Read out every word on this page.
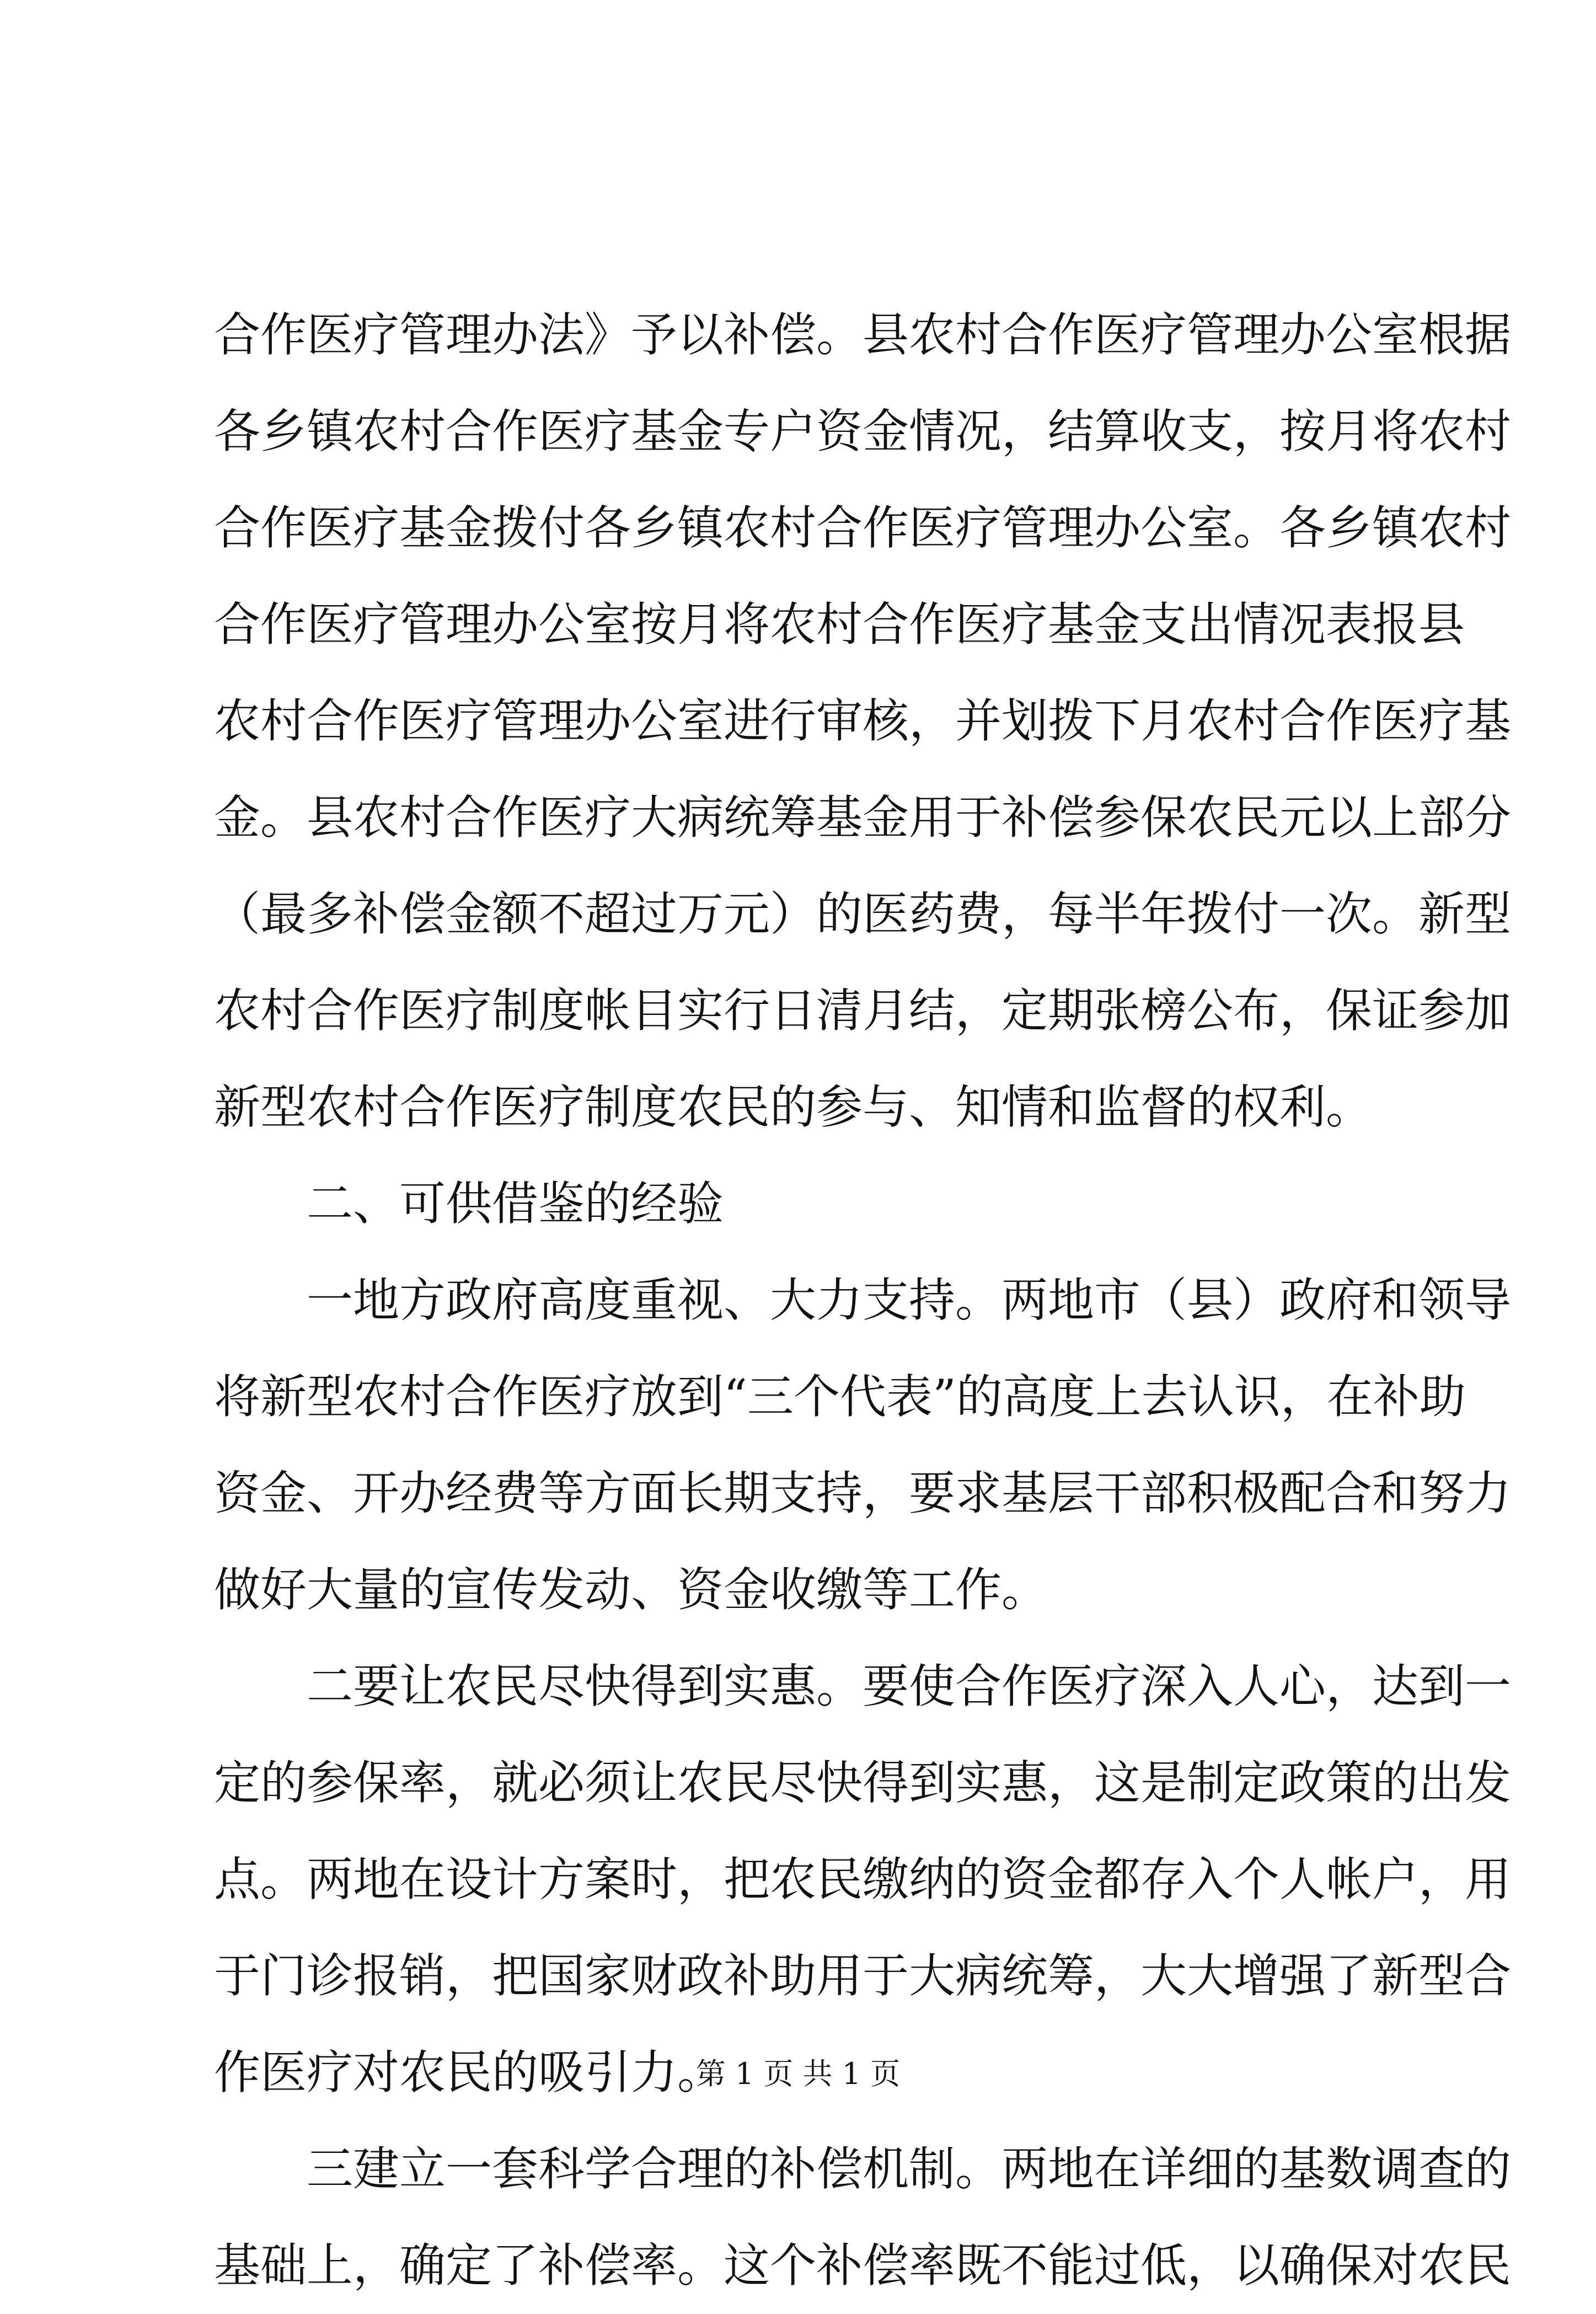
合作医疗管理办法》予以补偿。县农村合作医疗管理办公室根据
各乡镇农村合作医疗基金专户资金情况，结算收支，按月将农村
合作医疗基金拨付各乡镇农村合作医疗管理办公室。各乡镇农村
合作医疗管理办公室按月将农村合作医疗基金支出情况表报县
农村合作医疗管理办公室进行审核，并划拨下月农村合作医疗基
金。县农村合作医疗大病统筹基金用于补偿参保农民元以上部分
（最多补偿金额不超过万元）的医药费，每半年拨付一次。新型
农村合作医疗制度帐目实行日清月结，定期张榜公布，保证参加
新型农村合作医疗制度农民的参与、知情和监督的权利。
二、可供借鉴的经验
一地方政府高度重视、大力支持。两地市（县）政府和领导
将新型农村合作医疗放到“三个代表”的高度上去认识，在补助
资金、开办经费等方面长期支持，要求基层干部积极配合和努力
做好大量的宣传发动、资金收缴等工作。
二要让农民尽快得到实惠。要使合作医疗深入人心，达到一
定的参保率，就必须让农民尽快得到实惠，这是制定政策的出发
点。两地在设计方案时，把农民缴纳的资金都存入个人帐户，用
于门诊报销，把国家财政补助用于大病统筹，大大增强了新型合
作医疗对农民的吸引力。
三建立一套科学合理的补偿机制。两地在详细的基数调查的
基础上，确定了补偿率。这个补偿率既不能过低，以确保对农民
第 1 页 共 1 页
